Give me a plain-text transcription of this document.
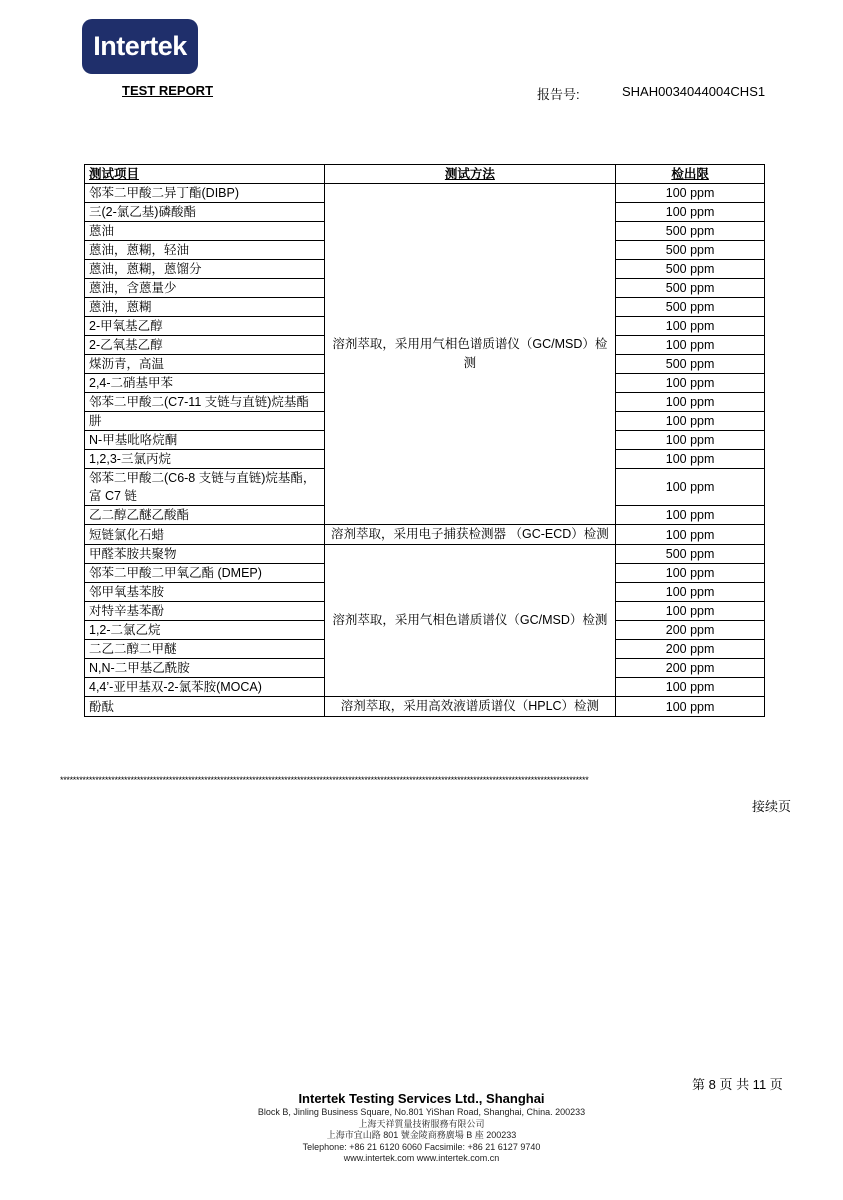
Intertek
TEST REPORT	报告号:	SHAH0034044004CHS1
测试项目	测试方法	检出限
邻苯二甲酸二异丁酯(DIBP)	溶剂萃取，采用用气相色谱质谱仪（GC/MSD）检测	100 ppm
三(2-氯乙基)磷酸酯		100 ppm
蒽油		500 ppm
蒽油，蒽糊，轻油		500 ppm
蒽油，蒽糊，蒽馏分		500 ppm
蒽油，含蒽量少		500 ppm
蒽油，蒽糊		500 ppm
2-甲氧基乙醇		100 ppm
2-乙氧基乙醇		100 ppm
煤沥青，高温		500 ppm
2,4-二硝基甲苯		100 ppm
邻苯二甲酸二(C7-11 支链与直链)烷基酯		100 ppm
肼		100 ppm
N-甲基吡咯烷酮		100 ppm
1,2,3-三氯丙烷		100 ppm
邻苯二甲酸二(C6-8 支链与直链)烷基酯，富 C7 链		100 ppm
乙二醇乙醚乙酸酯		100 ppm
短链氯化石蜡	溶剂萃取，采用电子捕获检测器 （GC-ECD）检测	100 ppm
甲醛苯胺共聚物	溶剂萃取，采用气相色谱质谱仪（GC/MSD）检测	500 ppm
邻苯二甲酸二甲氧乙酯 (DMEP)		100 ppm
邻甲氧基苯胺		100 ppm
对特辛基苯酚		100 ppm
1,2-二氯乙烷		200 ppm
二乙二醇二甲醚		200 ppm
N,N-二甲基乙酰胺		200 ppm
4,4’-亚甲基双-2-氯苯胺(MOCA)		100 ppm
酚酞	溶剂萃取，采用高效液谱质谱仪（HPLC）检测	100 ppm
*********************************************************************************************************************************************************************
接续页
第 8 页 共 11 页
Intertek Testing Services Ltd., Shanghai
Block B, Jinling Business Square, No.801 YiShan Road, Shanghai, China. 200233
上海天祥質量技術服務有限公司
上海市宜山路 801 號金陵商務廣場 B 座 200233
Telephone: +86 21 6120 6060 Facsimile: +86 21 6127 9740
www.intertek.com www.intertek.com.cn
